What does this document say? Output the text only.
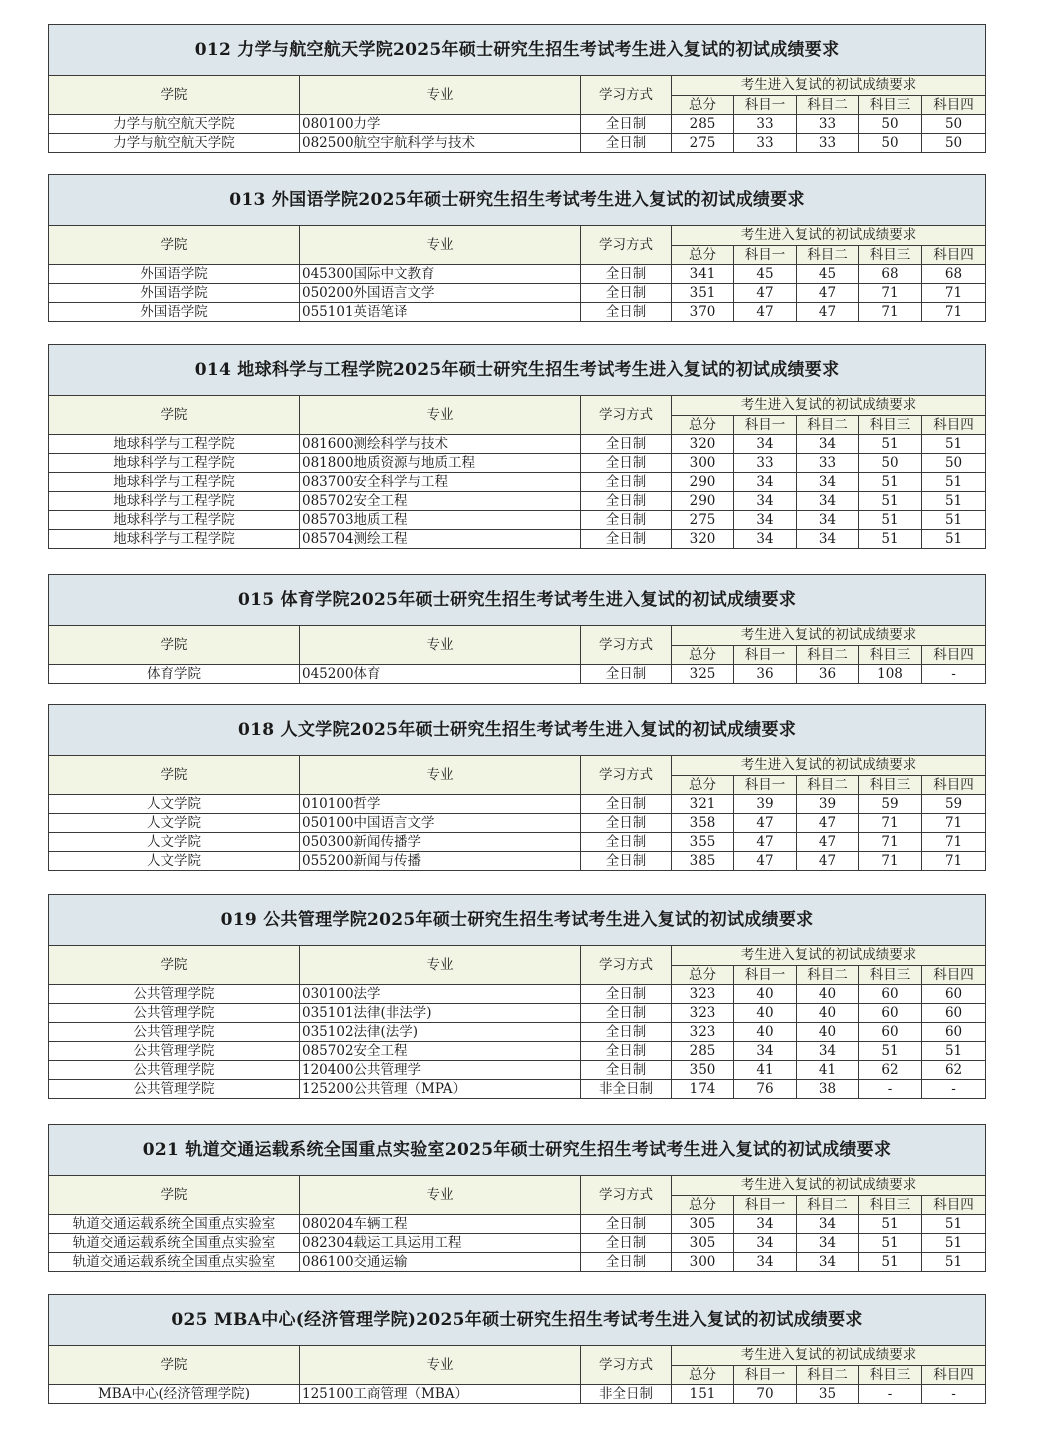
012 力学与航空航天学院2025年硕士研究生招生考试考生进入复试的初试成绩要求							
学院	专业	学习方式	考生进入复试的初试成绩要求				
			总分	科目一	科目二	科目三	科目四
力学与航空航天学院	080100力学	全日制	285	33	33	50	50
力学与航空航天学院	082500航空宇航科学与技术	全日制	275	33	33	50	50
013 外国语学院2025年硕士研究生招生考试考生进入复试的初试成绩要求							
学院	专业	学习方式	考生进入复试的初试成绩要求				
			总分	科目一	科目二	科目三	科目四
外国语学院	045300国际中文教育	全日制	341	45	45	68	68
外国语学院	050200外国语言文学	全日制	351	47	47	71	71
外国语学院	055101英语笔译	全日制	370	47	47	71	71
014 地球科学与工程学院2025年硕士研究生招生考试考生进入复试的初试成绩要求							
学院	专业	学习方式	考生进入复试的初试成绩要求				
			总分	科目一	科目二	科目三	科目四
地球科学与工程学院	081600测绘科学与技术	全日制	320	34	34	51	51
地球科学与工程学院	081800地质资源与地质工程	全日制	300	33	33	50	50
地球科学与工程学院	083700安全科学与工程	全日制	290	34	34	51	51
地球科学与工程学院	085702安全工程	全日制	290	34	34	51	51
地球科学与工程学院	085703地质工程	全日制	275	34	34	51	51
地球科学与工程学院	085704测绘工程	全日制	320	34	34	51	51
015 体育学院2025年硕士研究生招生考试考生进入复试的初试成绩要求							
学院	专业	学习方式	考生进入复试的初试成绩要求				
			总分	科目一	科目二	科目三	科目四
体育学院	045200体育	全日制	325	36	36	108	-
018 人文学院2025年硕士研究生招生考试考生进入复试的初试成绩要求							
学院	专业	学习方式	考生进入复试的初试成绩要求				
			总分	科目一	科目二	科目三	科目四
人文学院	010100哲学	全日制	321	39	39	59	59
人文学院	050100中国语言文学	全日制	358	47	47	71	71
人文学院	050300新闻传播学	全日制	355	47	47	71	71
人文学院	055200新闻与传播	全日制	385	47	47	71	71
019 公共管理学院2025年硕士研究生招生考试考生进入复试的初试成绩要求							
学院	专业	学习方式	考生进入复试的初试成绩要求				
			总分	科目一	科目二	科目三	科目四
公共管理学院	030100法学	全日制	323	40	40	60	60
公共管理学院	035101法律(非法学)	全日制	323	40	40	60	60
公共管理学院	035102法律(法学)	全日制	323	40	40	60	60
公共管理学院	085702安全工程	全日制	285	34	34	51	51
公共管理学院	120400公共管理学	全日制	350	41	41	62	62
公共管理学院	125200公共管理（MPA）	非全日制	174	76	38	-	-
021 轨道交通运载系统全国重点实验室2025年硕士研究生招生考试考生进入复试的初试成绩要求							
学院	专业	学习方式	考生进入复试的初试成绩要求				
			总分	科目一	科目二	科目三	科目四
轨道交通运载系统全国重点实验室	080204车辆工程	全日制	305	34	34	51	51
轨道交通运载系统全国重点实验室	082304载运工具运用工程	全日制	305	34	34	51	51
轨道交通运载系统全国重点实验室	086100交通运输	全日制	300	34	34	51	51
025 MBA中心(经济管理学院)2025年硕士研究生招生考试考生进入复试的初试成绩要求							
学院	专业	学习方式	考生进入复试的初试成绩要求				
			总分	科目一	科目二	科目三	科目四
MBA中心(经济管理学院)	125100工商管理（MBA）	非全日制	151	70	35	-	-
